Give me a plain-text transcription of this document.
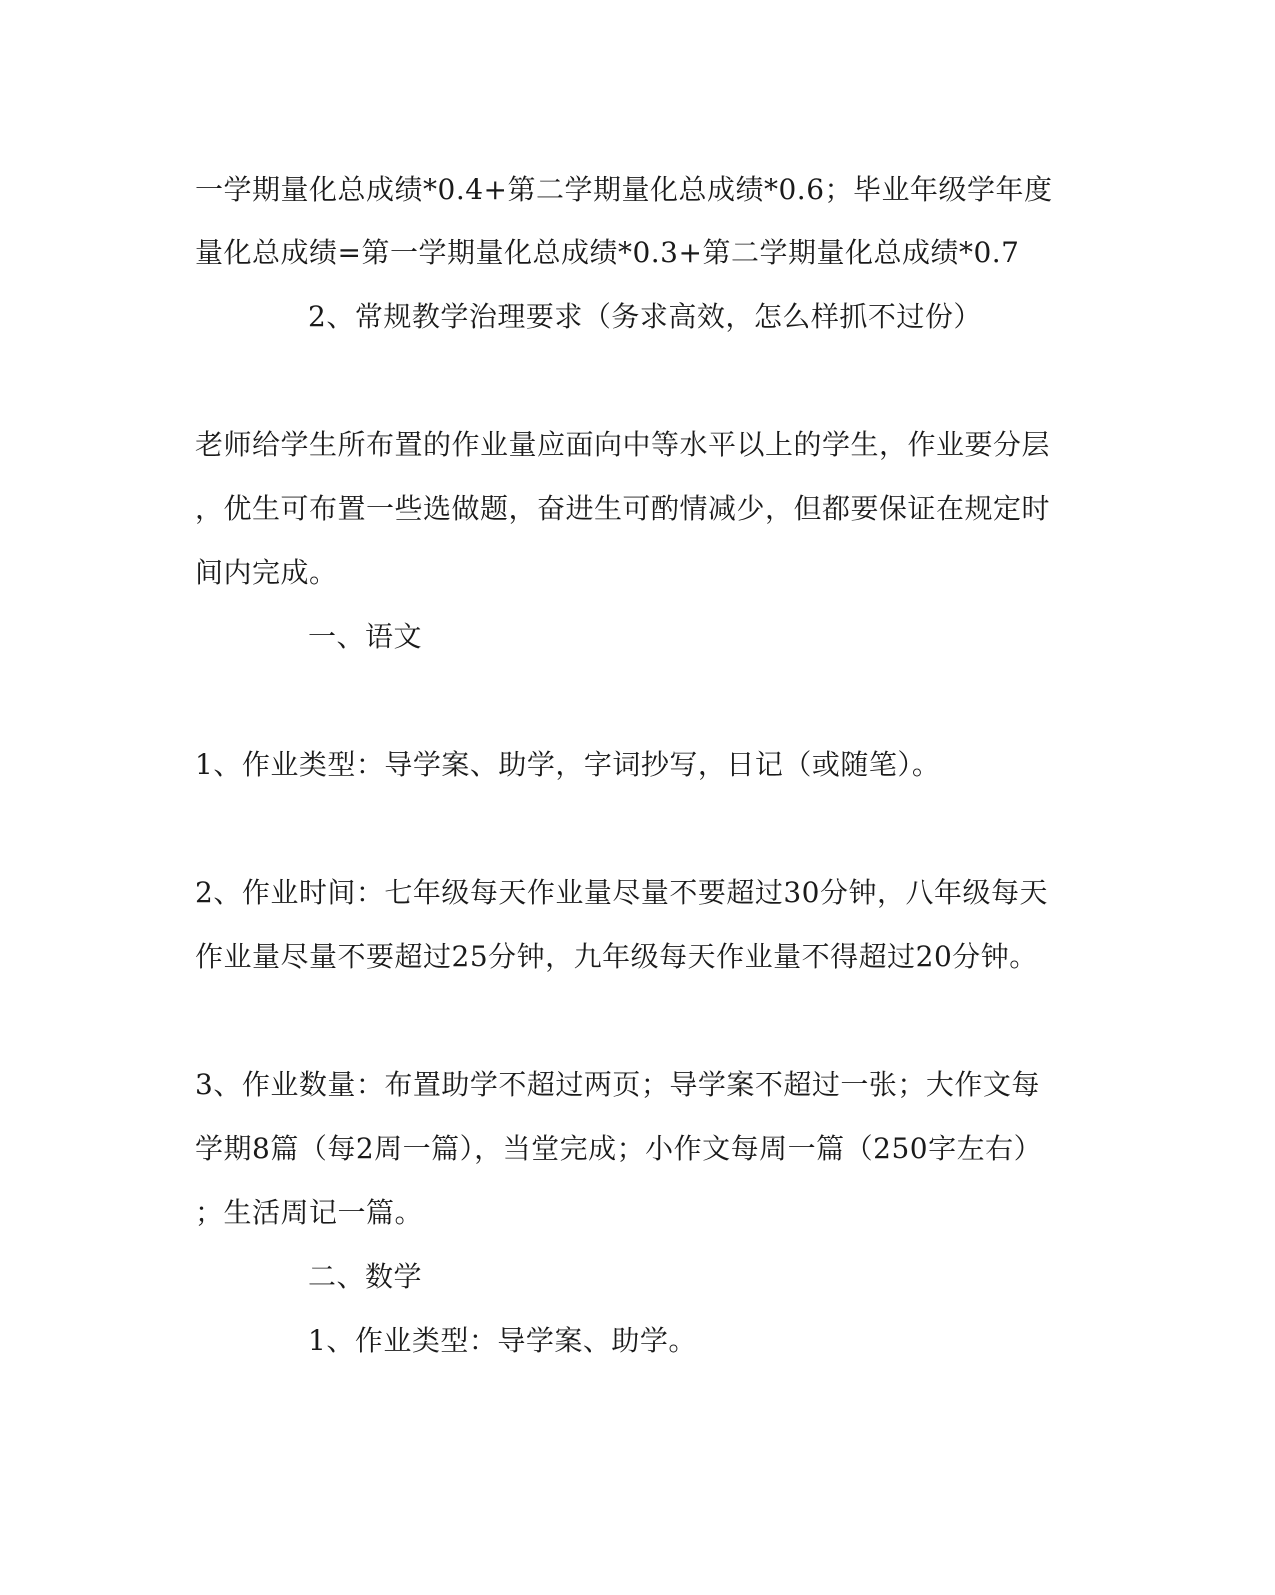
一学期量化总成绩*0.4+第二学期量化总成绩*0.6；毕业年级学年度
量化总成绩=第一学期量化总成绩*0.3+第二学期量化总成绩*0.7
2、常规教学治理要求（务求高效，怎么样抓不过份）
老师给学生所布置的作业量应面向中等水平以上的学生，作业要分层
，优生可布置一些选做题，奋进生可酌情减少，但都要保证在规定时
间内完成。
一、语文
1、作业类型：导学案、助学，字词抄写，日记（或随笔）。
2、作业时间：七年级每天作业量尽量不要超过30分钟，八年级每天
作业量尽量不要超过25分钟，九年级每天作业量不得超过20分钟。
3、作业数量：布置助学不超过两页；导学案不超过一张；大作文每
学期8篇（每2周一篇），当堂完成；小作文每周一篇（250字左右）
；生活周记一篇。
二、数学
1、作业类型：导学案、助学。
